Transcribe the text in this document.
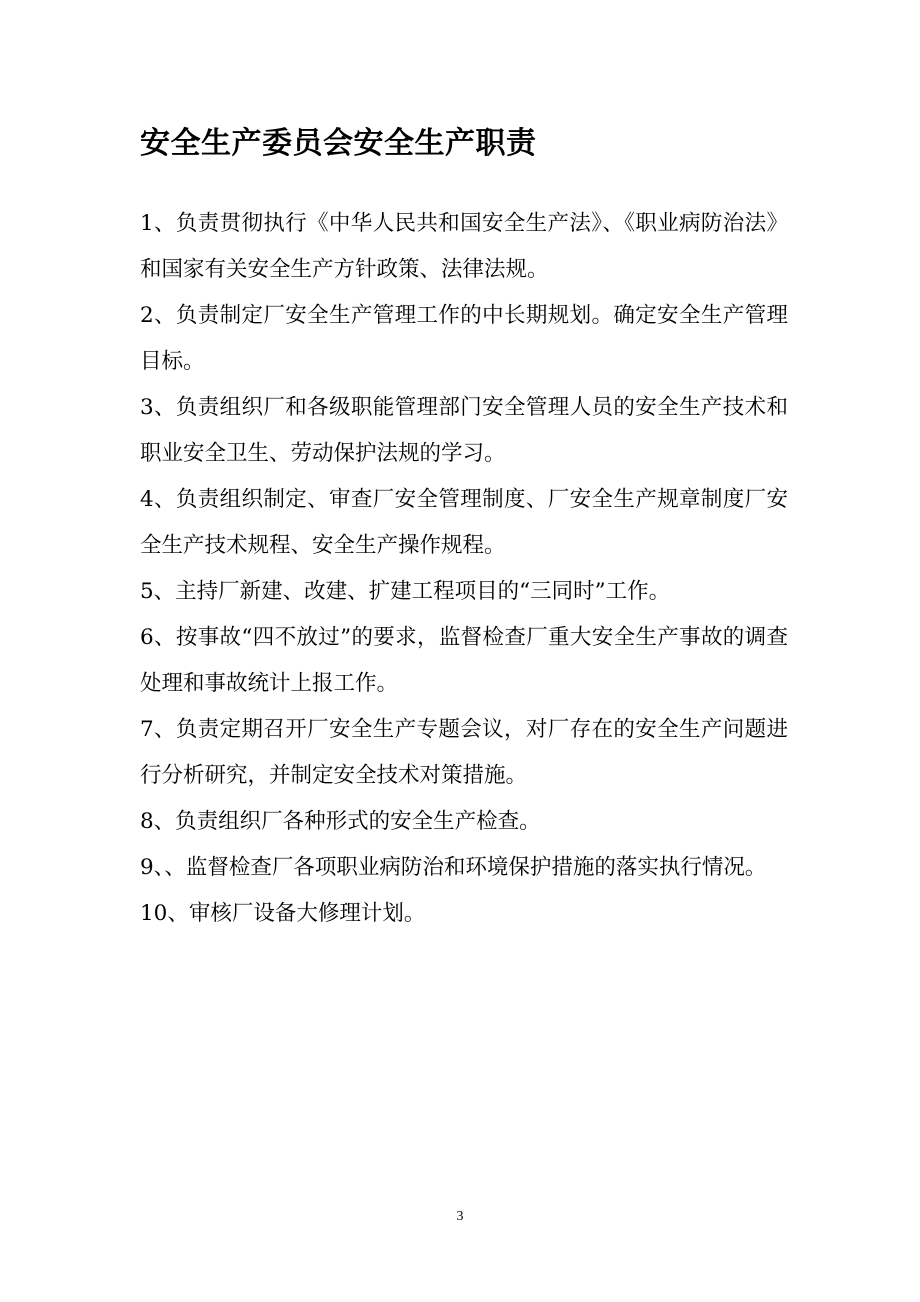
安全生产委员会安全生产职责

1、负责贯彻执行《中华人民共和国安全生产法》、《职业病防治法》和国家有关安全生产方针政策、法律法规。

2、负责制定厂安全生产管理工作的中长期规划。确定安全生产管理目标。

3、负责组织厂和各级职能管理部门安全管理人员的安全生产技术和职业安全卫生、劳动保护法规的学习。

4、负责组织制定、审查厂安全管理制度、厂安全生产规章制度厂安全生产技术规程、安全生产操作规程。

5、主持厂新建、改建、扩建工程项目的“三同时”工作。

6、按事故“四不放过”的要求，监督检查厂重大安全生产事故的调查处理和事故统计上报工作。

7、负责定期召开厂安全生产专题会议，对厂存在的安全生产问题进行分析研究，并制定安全技术对策措施。

8、负责组织厂各种形式的安全生产检查。

9、、监督检查厂各项职业病防治和环境保护措施的落实执行情况。

10、审核厂设备大修理计划。

3
